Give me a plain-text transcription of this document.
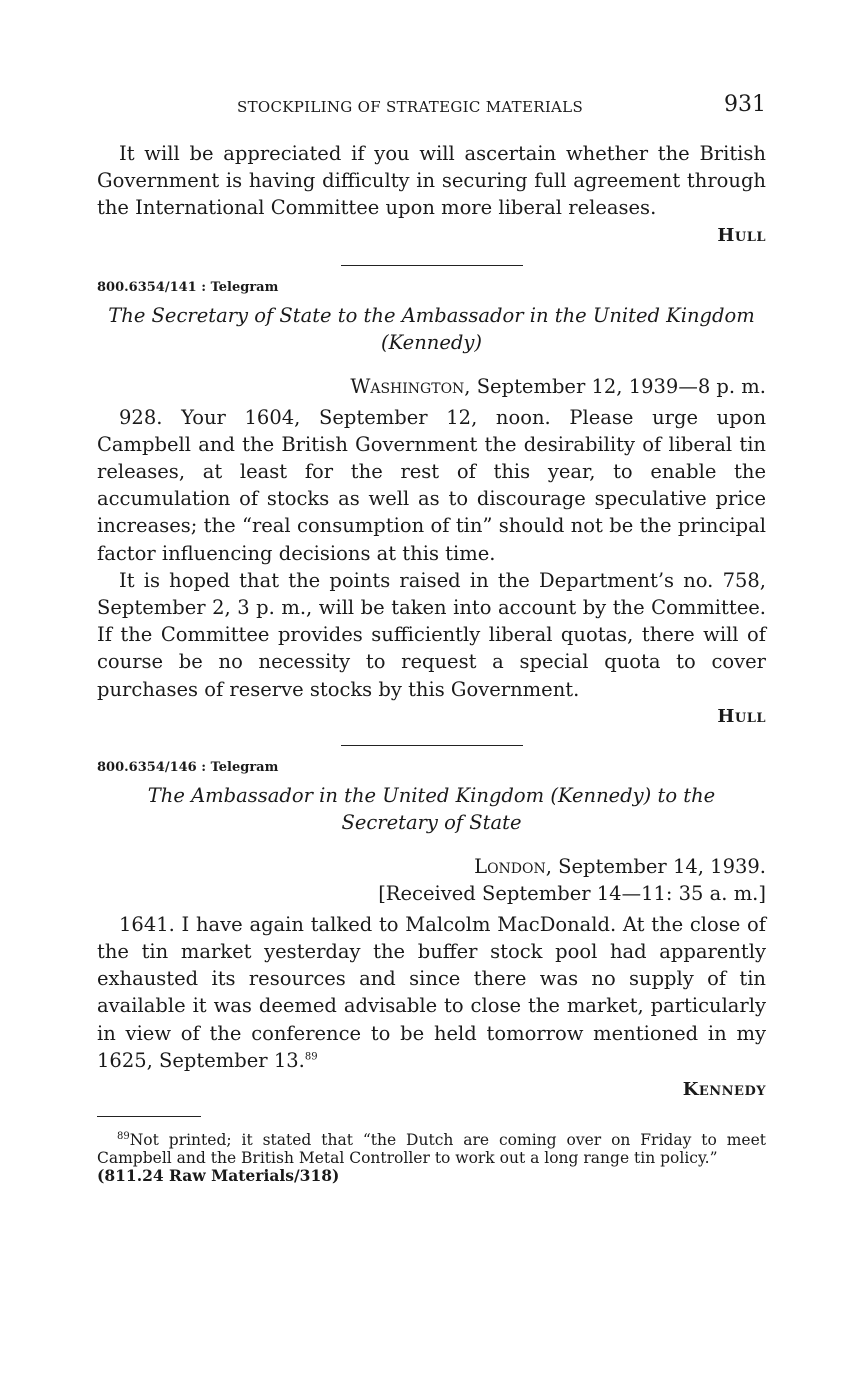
STOCKPILING OF STRATEGIC MATERIALS	931

It will be appreciated if you will ascertain whether the British Government is having difficulty in securing full agreement through the International Committee upon more liberal releases.

Hull
800.6354/141 : Telegram
The Secretary of State to the Ambassador in the United Kingdom
(Kennedy)
Washington, September 12, 1939—8 p. m.

928. Your 1604, September 12, noon. Please urge upon Campbell and the British Government the desirability of liberal tin releases, at least for the rest of this year, to enable the accumulation of stocks as well as to discourage speculative price increases; the “real consumption of tin” should not be the principal factor influencing decisions at this time.

It is hoped that the points raised in the Department’s no. 758, September 2, 3 p. m., will be taken into account by the Committee. If the Committee provides sufficiently liberal quotas, there will of course be no necessity to request a special quota to cover purchases of reserve stocks by this Government.

Hull
800.6354/146 : Telegram
The Ambassador in the United Kingdom (Kennedy) to the
Secretary of State
London, September 14, 1939.
[Received September 14—11: 35 a. m.]

1641. I have again talked to Malcolm MacDonald. At the close of the tin market yesterday the buffer stock pool had apparently exhausted its resources and since there was no supply of tin available it was deemed advisable to close the market, particularly in view of the conference to be held tomorrow mentioned in my 1625, September 13.89

Kennedy

$^{89}$Not printed; it stated that “the Dutch are coming over on Friday to meet Campbell and the British Metal Controller to work out a long range tin policy.”
(811.24 Raw Materials/318)
